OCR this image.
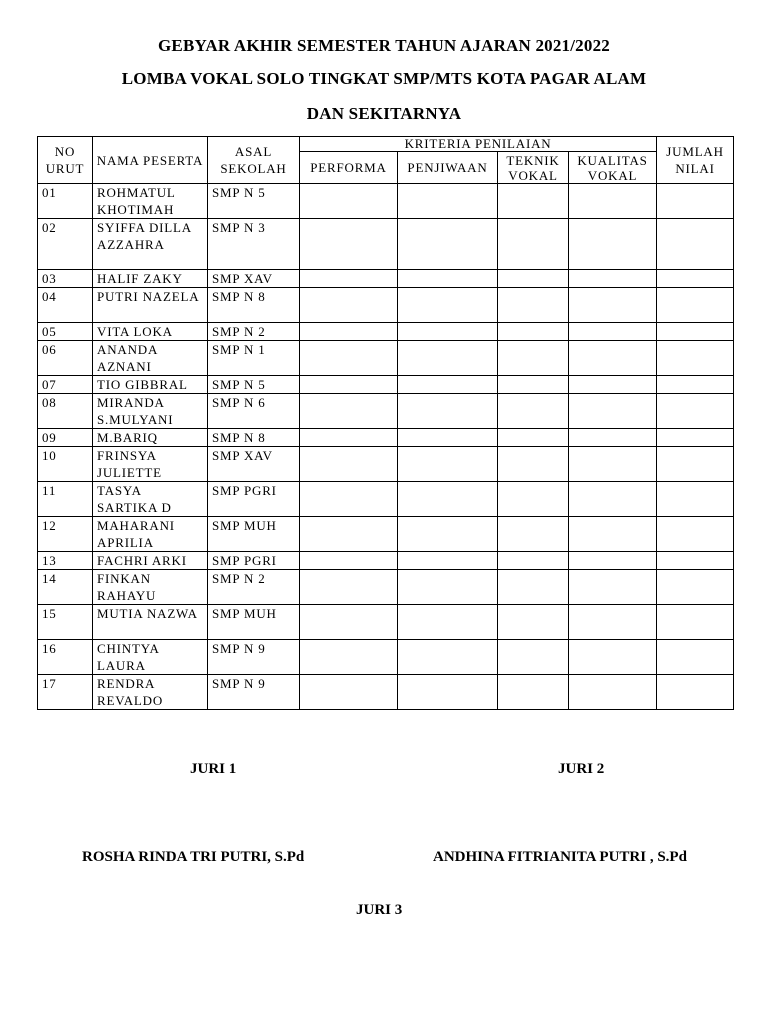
GEBYAR AKHIR SEMESTER TAHUN AJARAN 2021/2022
LOMBA VOKAL SOLO TINGKAT SMP/MTS KOTA PAGAR ALAM
DAN SEKITARNYA
NO URUT	NAMA PESERTA	ASAL SEKOLAH	KRITERIA PENILAIAN				JUMLAH NILAI
			PERFORMA	PENJIWAAN	TEKNIK VOKAL	KUALITAS VOKAL	
01	ROHMATUL KHOTIMAH	SMP N 5					
02	SYIFFA DILLA AZZAHRA	SMP N 3					
03	HALIF ZAKY	SMP XAV					
04	PUTRI NAZELA	SMP N 8					
05	VITA LOKA	SMP N 2					
06	ANANDA AZNANI	SMP N 1					
07	TIO GIBBRAL	SMP N 5					
08	MIRANDA S.MULYANI	SMP N 6					
09	M.BARIQ	SMP N 8					
10	FRINSYA JULIETTE	SMP XAV					
11	TASYA SARTIKA D	SMP PGRI					
12	MAHARANI APRILIA	SMP MUH					
13	FACHRI ARKI	SMP PGRI					
14	FINKAN RAHAYU	SMP N 2					
15	MUTIA NAZWA	SMP MUH					
16	CHINTYA LAURA	SMP N 9					
17	RENDRA REVALDO	SMP N 9					
JURI 1	JURI 2
ROSHA RINDA TRI PUTRI, S.Pd	ANDHINA FITRIANITA PUTRI , S.Pd
JURI 3
